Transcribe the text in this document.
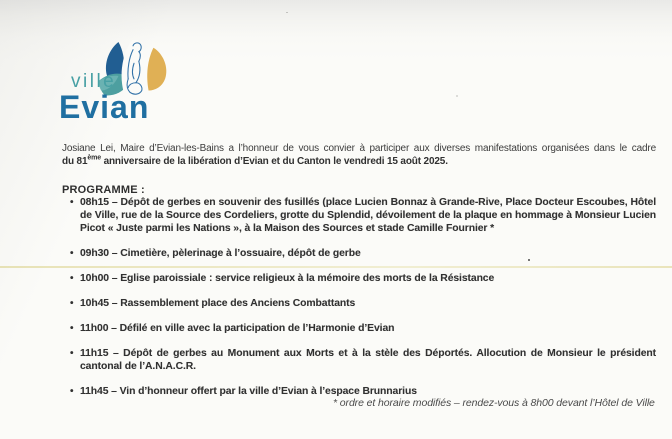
ville
Evian
Josiane Lei, Maire d’Evian-les-Bains a l’honneur de vous convier à participer aux diverses manifestations organisées dans le cadre
du 81ème anniversaire de la libération d’Evian et du Canton le vendredi 15 août 2025.
PROGRAMME :
• 08h15 – Dépôt de gerbes en souvenir des fusillés (place Lucien Bonnaz à Grande-Rive, Place Docteur Escoubes, Hôtel de Ville, rue de la Source des Cordeliers, grotte du Splendid, dévoilement de la plaque en hommage à Monsieur Lucien Picot « Juste parmi les Nations », à la Maison des Sources et stade Camille Fournier *
• 09h30 – Cimetière, pèlerinage à l’ossuaire, dépôt de gerbe
• 10h00 – Eglise paroissiale : service religieux à la mémoire des morts de la Résistance
• 10h45 – Rassemblement place des Anciens Combattants
• 11h00 – Défilé en ville avec la participation de l’Harmonie d’Evian
• 11h15 – Dépôt de gerbes au Monument aux Morts et à la stèle des Déportés. Allocution de Monsieur le président cantonal de l’A.N.A.C.R.
• 11h45 – Vin d’honneur offert par la ville d’Evian à l’espace Brunnarius
* ordre et horaire modifiés – rendez-vous à 8h00 devant l’Hôtel de Ville
